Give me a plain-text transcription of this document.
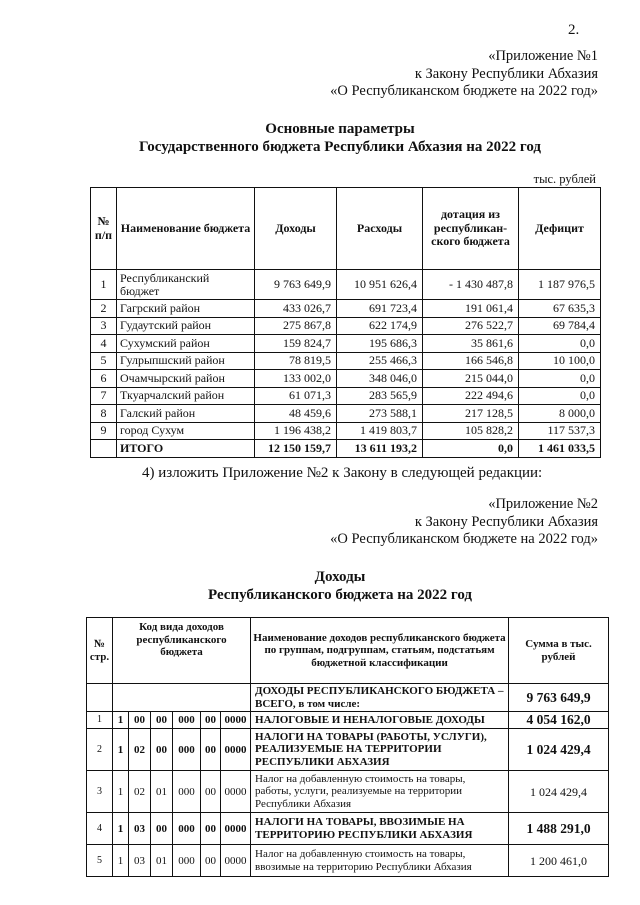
2.
«Приложение №1
к Закону Республики Абхазия
«О Республиканском бюджете на 2022 год»
Основные параметры
Государственного бюджета Республики Абхазия на 2022 год
тыс. рублей
№ п/п	Наименование бюджета	Доходы	Расходы	дотация из республикан-ского бюджета	Дефицит
1	Республиканский бюджет	9 763 649,9	10 951 626,4	- 1 430 487,8	1 187 976,5
2	Гагрский район	433 026,7	691 723,4	191 061,4	67 635,3
3	Гудаутский район	275 867,8	622 174,9	276 522,7	69 784,4
4	Сухумский район	159 824,7	195 686,3	35 861,6	0,0
5	Гулрыпшский район	78 819,5	255 466,3	166 546,8	10 100,0
6	Очамчырский район	133 002,0	348 046,0	215 044,0	0,0
7	Ткуарчалский район	61 071,3	283 565,9	222 494,6	0,0
8	Галский район	48 459,6	273 588,1	217 128,5	8 000,0
9	город Сухум	1 196 438,2	1 419 803,7	105 828,2	117 537,3
	ИТОГО	12 150 159,7	13 611 193,2	0,0	1 461 033,5
4) изложить Приложение №2 к Закону в следующей редакции:
«Приложение №2
к Закону Республики Абхазия
«О Республиканском бюджете на 2022 год»
Доходы
Республиканского бюджета на 2022 год
№ стр.	Код вида доходов республиканского бюджета						Наименование доходов республиканского бюджета по группам, подгруппам, статьям, подстатьям бюджетной классификации	Сумма в тыс. рублей
							ДОХОДЫ РЕСПУБЛИКАНСКОГО БЮДЖЕТА – ВСЕГО, в том числе:	9 763 649,9
1	1	00	00	000	00	0000	НАЛОГОВЫЕ И НЕНАЛОГОВЫЕ ДОХОДЫ	4 054 162,0
2	1	02	00	000	00	0000	НАЛОГИ НА ТОВАРЫ (РАБОТЫ, УСЛУГИ), РЕАЛИЗУЕМЫЕ НА ТЕРРИТОРИИ РЕСПУБЛИКИ АБХАЗИЯ	1 024 429,4
3	1	02	01	000	00	0000	Налог на добавленную стоимость на товары, работы, услуги, реализуемые на территории Республики Абхазия	1 024 429,4
4	1	03	00	000	00	0000	НАЛОГИ НА ТОВАРЫ, ВВОЗИМЫЕ НА ТЕРРИТОРИЮ РЕСПУБЛИКИ АБХАЗИЯ	1 488 291,0
5	1	03	01	000	00	0000	Налог на добавленную стоимость на товары, ввозимые на территорию Республики Абхазия	1 200 461,0
